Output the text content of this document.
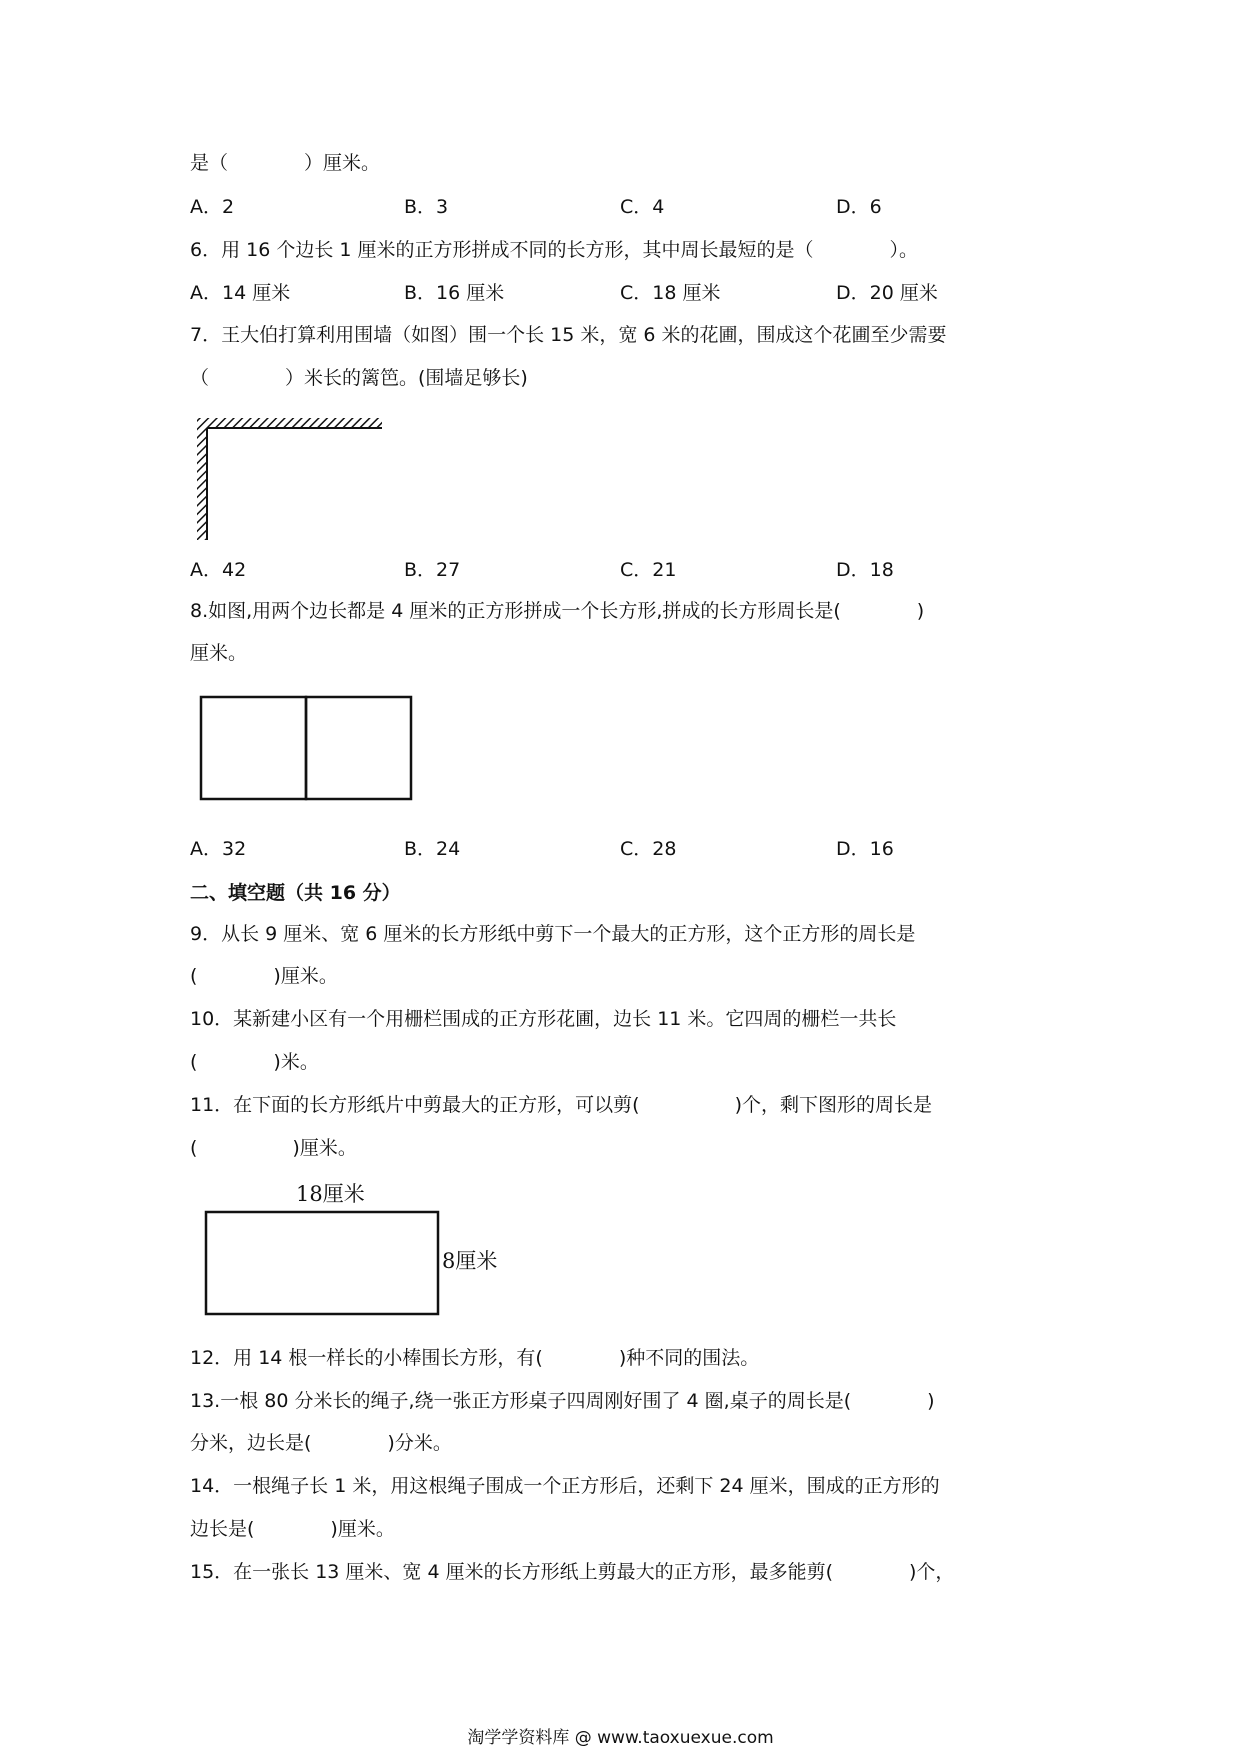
是（　　　　）厘米。
A．2	B．3	C．4	D．6
6．用 16 个边长 1 厘米的正方形拼成不同的长方形，其中周长最短的是（　　　　）。
A．14 厘米	B．16 厘米	C．18 厘米	D．20 厘米
7．王大伯打算利用围墙（如图）围一个长 15 米，宽 6 米的花圃，围成这个花圃至少需要
（　　　　）米长的篱笆。(围墙足够长)
A．42	B．27	C．21	D．18
8.如图,用两个边长都是 4 厘米的正方形拼成一个长方形,拼成的长方形周长是(　　　　)
厘米。
A．32	B．24	C．28	D．16
二、填空题（共 16 分）
9．从长 9 厘米、宽 6 厘米的长方形纸中剪下一个最大的正方形，这个正方形的周长是
(　　　　)厘米。
10．某新建小区有一个用栅栏围成的正方形花圃，边长 11 米。它四周的栅栏一共长
(　　　　)米。
11．在下面的长方形纸片中剪最大的正方形，可以剪(　　　　　)个，剩下图形的周长是
(　　　　　)厘米。
18厘米
8厘米
12．用 14 根一样长的小棒围长方形，有(　　　　)种不同的围法。
13.一根 80 分米长的绳子,绕一张正方形桌子四周刚好围了 4 圈,桌子的周长是(　　　　)
分米，边长是(　　　　)分米。
14．一根绳子长 1 米，用这根绳子围成一个正方形后，还剩下 24 厘米，围成的正方形的
边长是(　　　　)厘米。
15．在一张长 13 厘米、宽 4 厘米的长方形纸上剪最大的正方形，最多能剪(　　　　)个，
淘学学资料库 @ www.taoxuexue.com
